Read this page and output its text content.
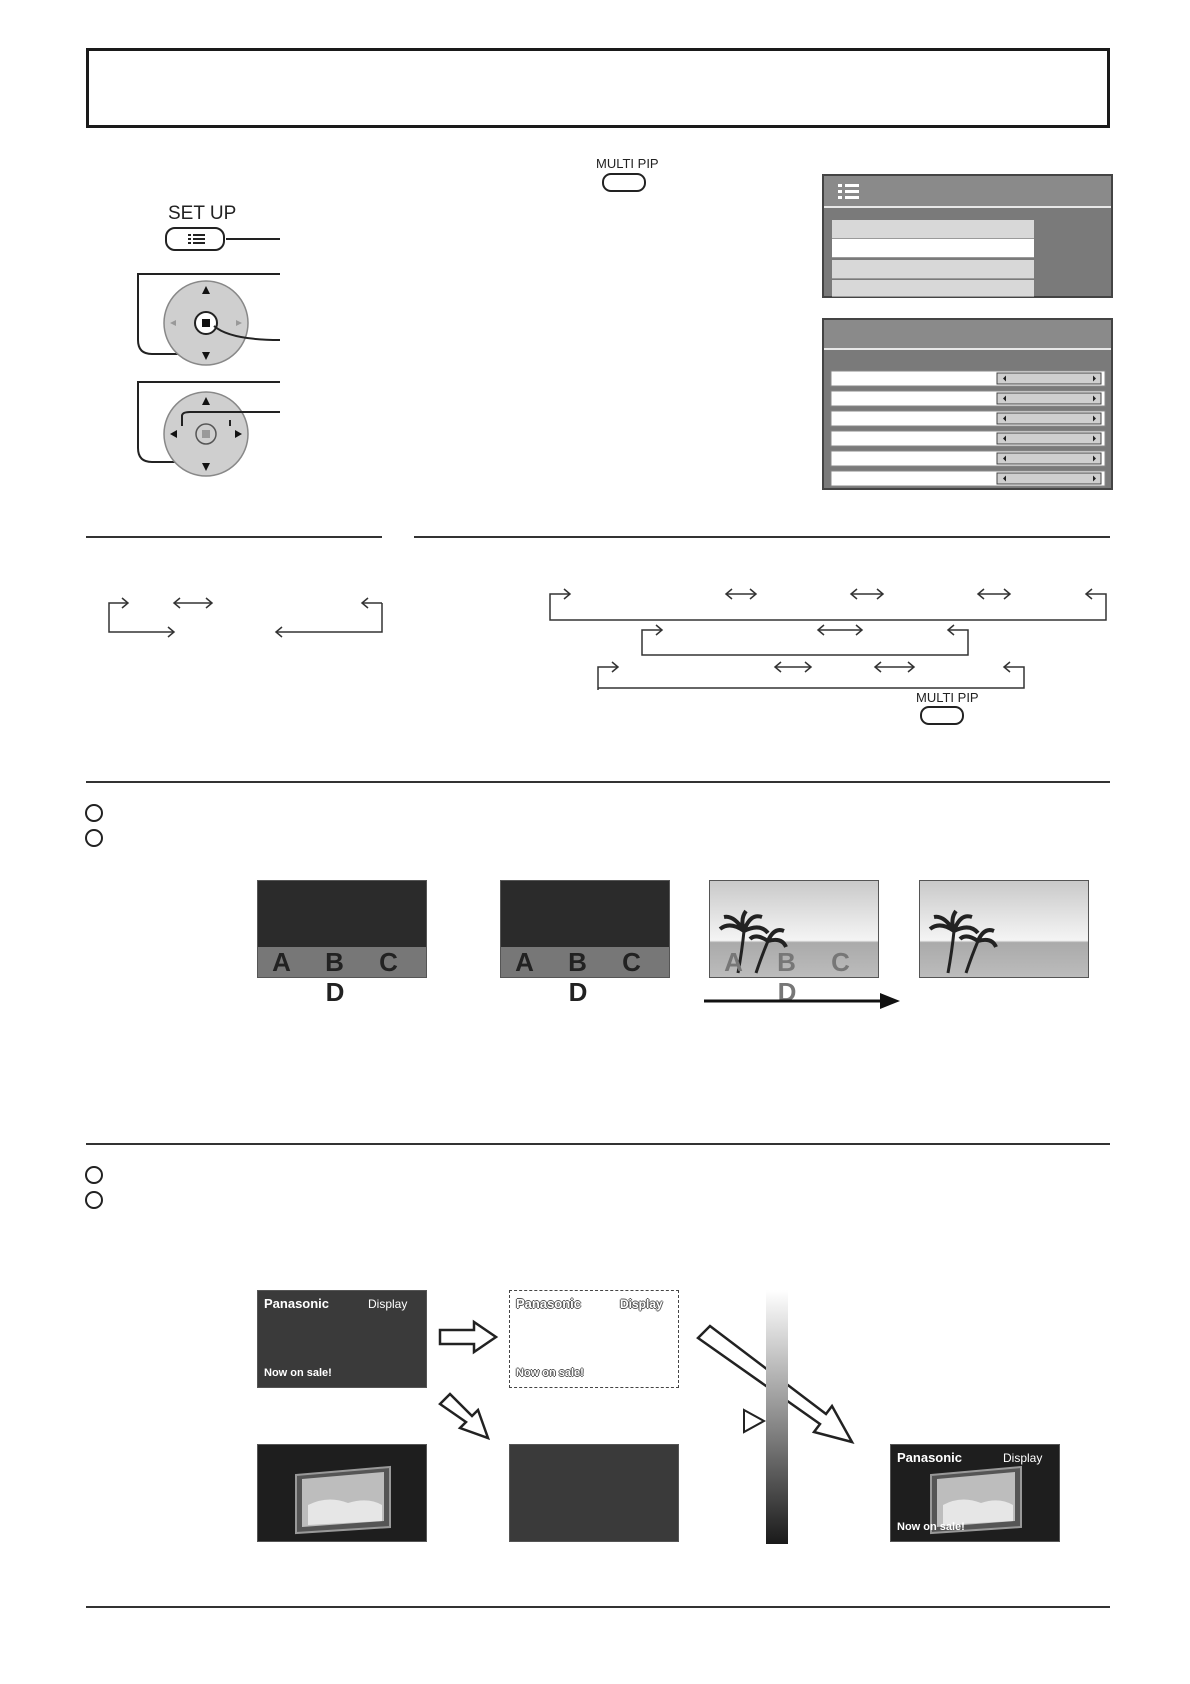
MULTI PIP
SET UP
MULTI PIP
A B C D
A B C D
A B C D
Panasonic	Display
Now on sale!
Panasonic	Display
Now on sale!
Panasonic	Display
Now on sale!
